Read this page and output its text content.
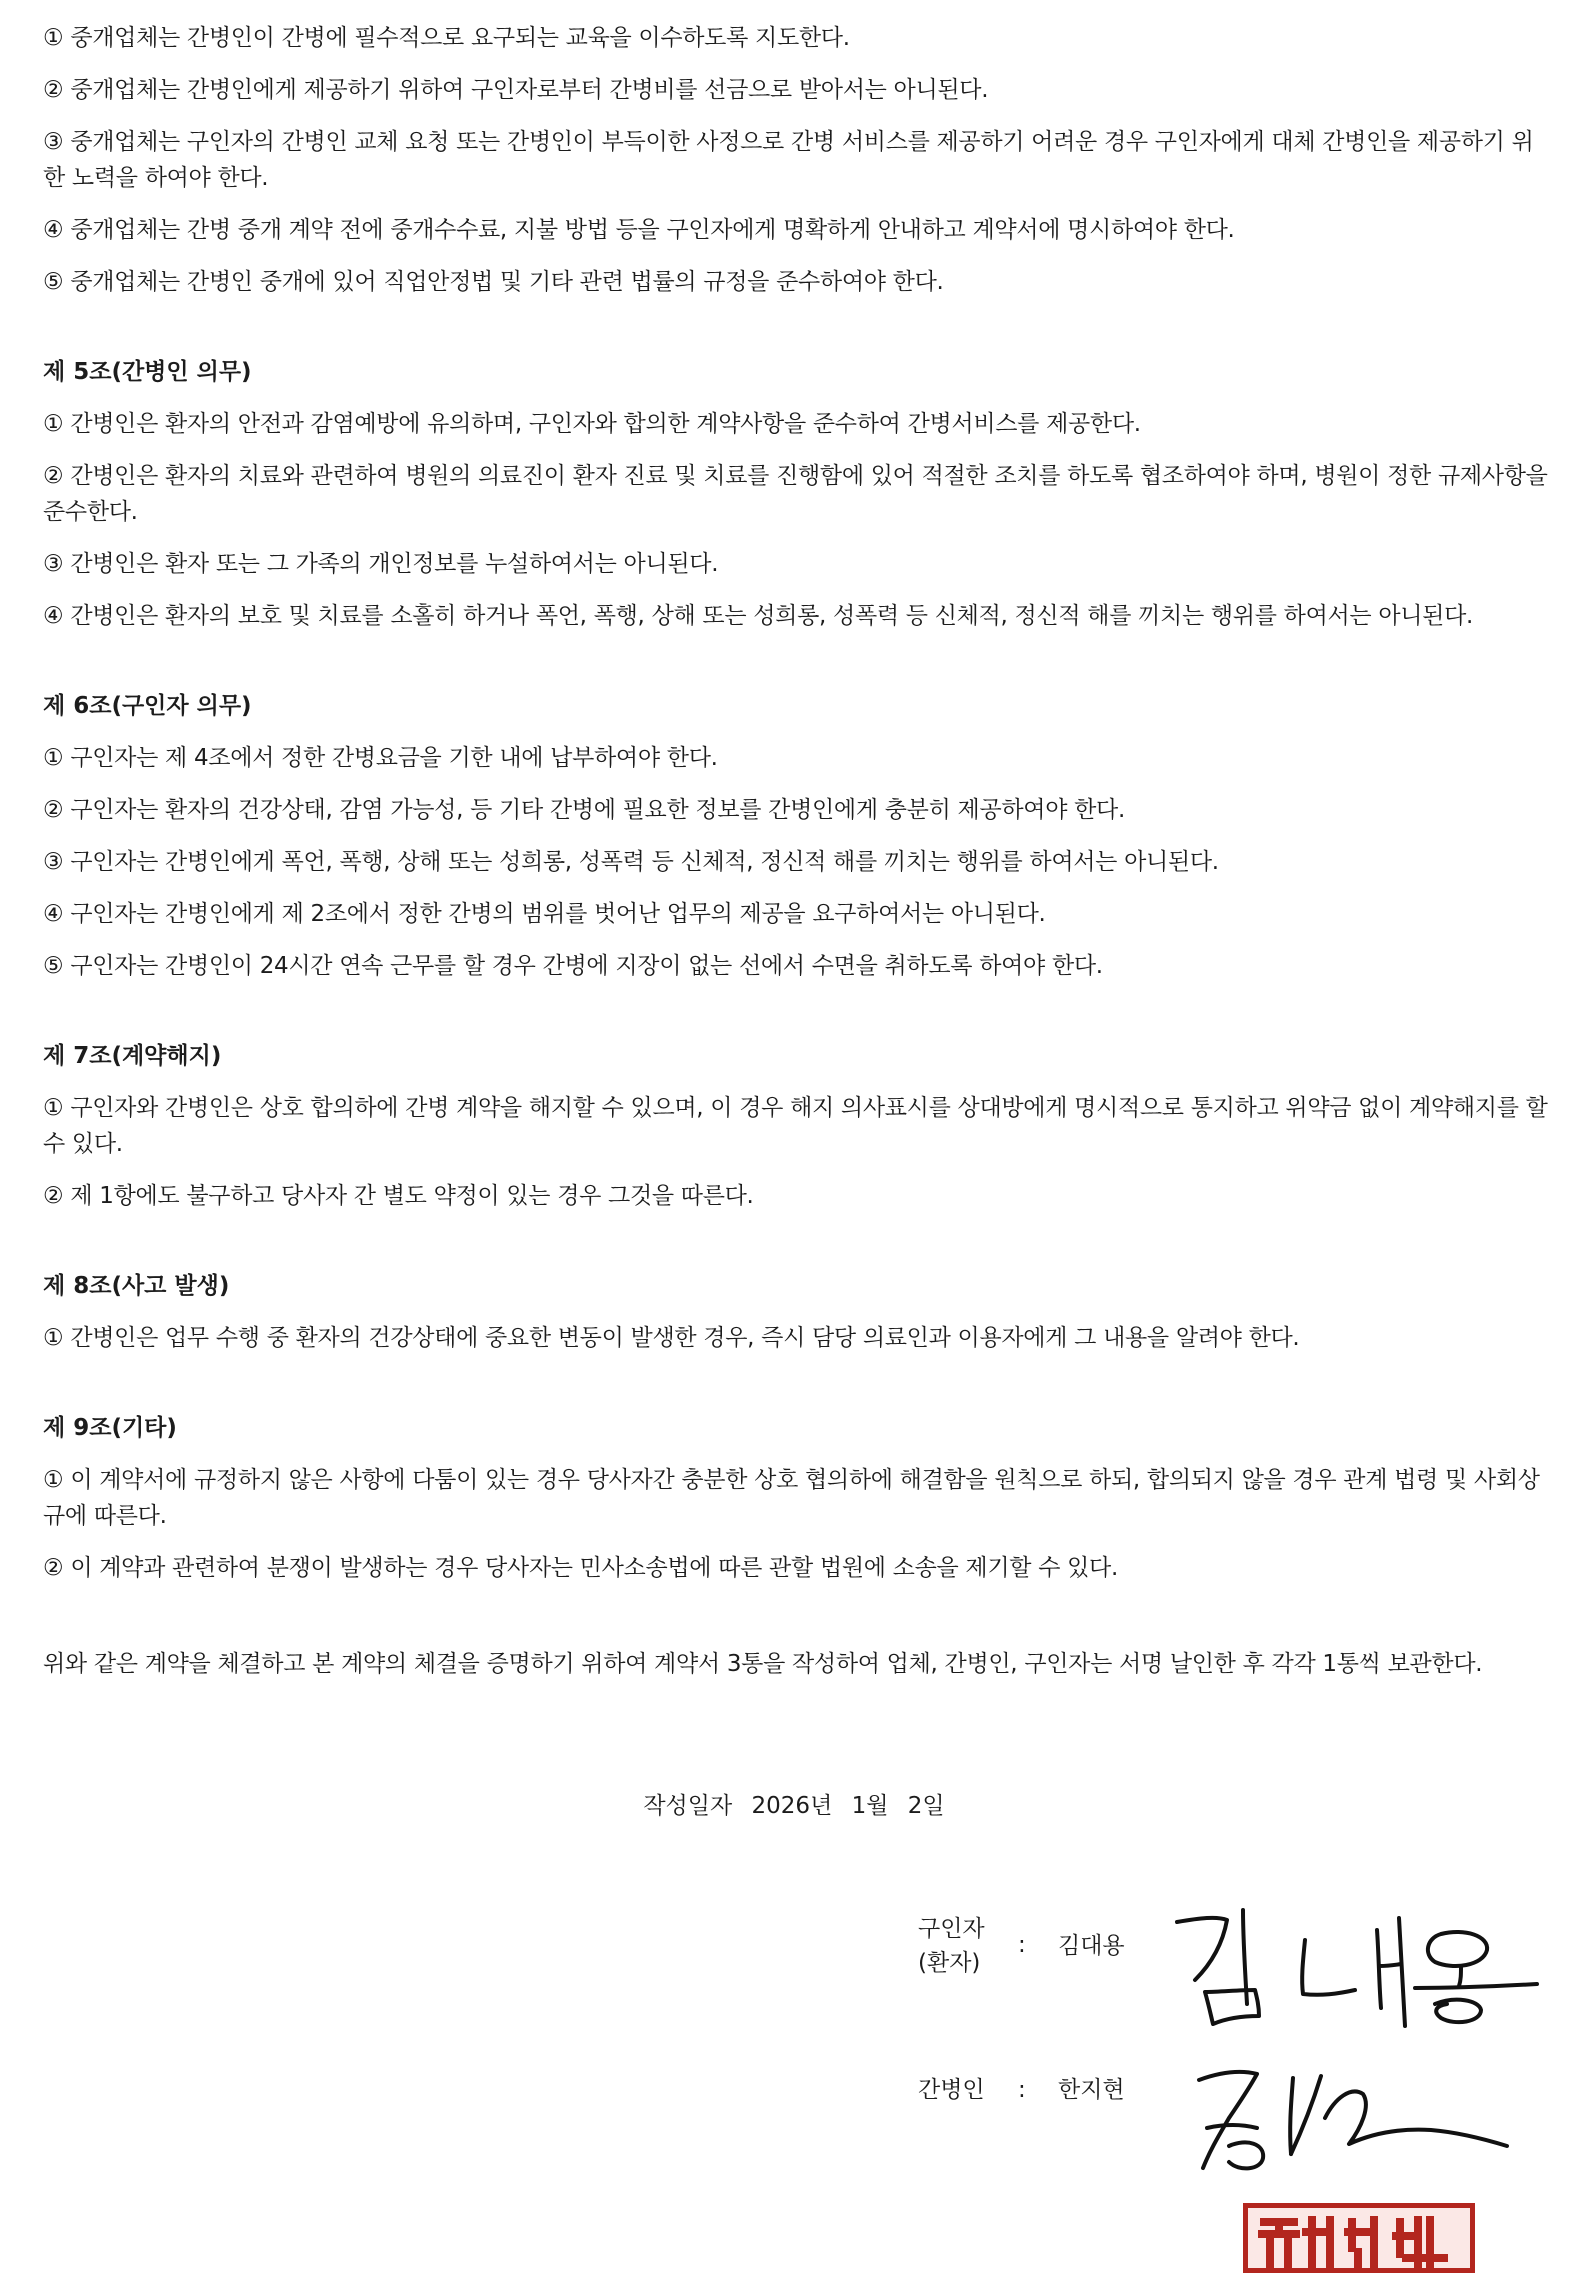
① 중개업체는 간병인이 간병에 필수적으로 요구되는 교육을 이수하도록 지도한다.

② 중개업체는 간병인에게 제공하기 위하여 구인자로부터 간병비를 선금으로 받아서는 아니된다.

③ 중개업체는 구인자의 간병인 교체 요청 또는 간병인이 부득이한 사정으로 간병 서비스를 제공하기 어려운 경우 구인자에게 대체 간병인을 제공하기 위한 노력을 하여야 한다.

④ 중개업체는 간병 중개 계약 전에 중개수수료, 지불 방법 등을 구인자에게 명확하게 안내하고 계약서에 명시하여야 한다.

⑤ 중개업체는 간병인 중개에 있어 직업안정법 및 기타 관련 법률의 규정을 준수하여야 한다.

제 5조(간병인 의무)

① 간병인은 환자의 안전과 감염예방에 유의하며, 구인자와 합의한 계약사항을 준수하여 간병서비스를 제공한다.

② 간병인은 환자의 치료와 관련하여 병원의 의료진이 환자 진료 및 치료를 진행함에 있어 적절한 조치를 하도록 협조하여야 하며, 병원이 정한 규제사항을 준수한다.

③ 간병인은 환자 또는 그 가족의 개인정보를 누설하여서는 아니된다.

④ 간병인은 환자의 보호 및 치료를 소홀히 하거나 폭언, 폭행, 상해 또는 성희롱, 성폭력 등 신체적, 정신적 해를 끼치는 행위를 하여서는 아니된다.

제 6조(구인자 의무)

① 구인자는 제 4조에서 정한 간병요금을 기한 내에 납부하여야 한다.

② 구인자는 환자의 건강상태, 감염 가능성, 등 기타 간병에 필요한 정보를 간병인에게 충분히 제공하여야 한다.

③ 구인자는 간병인에게 폭언, 폭행, 상해 또는 성희롱, 성폭력 등 신체적, 정신적 해를 끼치는 행위를 하여서는 아니된다.

④ 구인자는 간병인에게 제 2조에서 정한 간병의 범위를 벗어난 업무의 제공을 요구하여서는 아니된다.

⑤ 구인자는 간병인이 24시간 연속 근무를 할 경우 간병에 지장이 없는 선에서 수면을 취하도록 하여야 한다.

제 7조(계약해지)

① 구인자와 간병인은 상호 합의하에 간병 계약을 해지할 수 있으며, 이 경우 해지 의사표시를 상대방에게 명시적으로 통지하고 위약금 없이 계약해지를 할 수 있다.

② 제 1항에도 불구하고 당사자 간 별도 약정이 있는 경우 그것을 따른다.

제 8조(사고 발생)

① 간병인은 업무 수행 중 환자의 건강상태에 중요한 변동이 발생한 경우, 즉시 담당 의료인과 이용자에게 그 내용을 알려야 한다.

제 9조(기타)

① 이 계약서에 규정하지 않은 사항에 다툼이 있는 경우 당사자간 충분한 상호 협의하에 해결함을 원칙으로 하되, 합의되지 않을 경우 관계 법령 및 사회상규에 따른다.

② 이 계약과 관련하여 분쟁이 발생하는 경우 당사자는 민사소송법에 따른 관할 법원에 소송을 제기할 수 있다.

위와 같은 계약을 체결하고 본 계약의 체결을 증명하기 위하여 계약서 3통을 작성하여 업체, 간병인, 구인자는 서명 날인한 후 각각 1통씩 보관한다.

작성일자 2026년 1월 2일
구인자
(환자)
: 김대용
간병인	: 한지현
